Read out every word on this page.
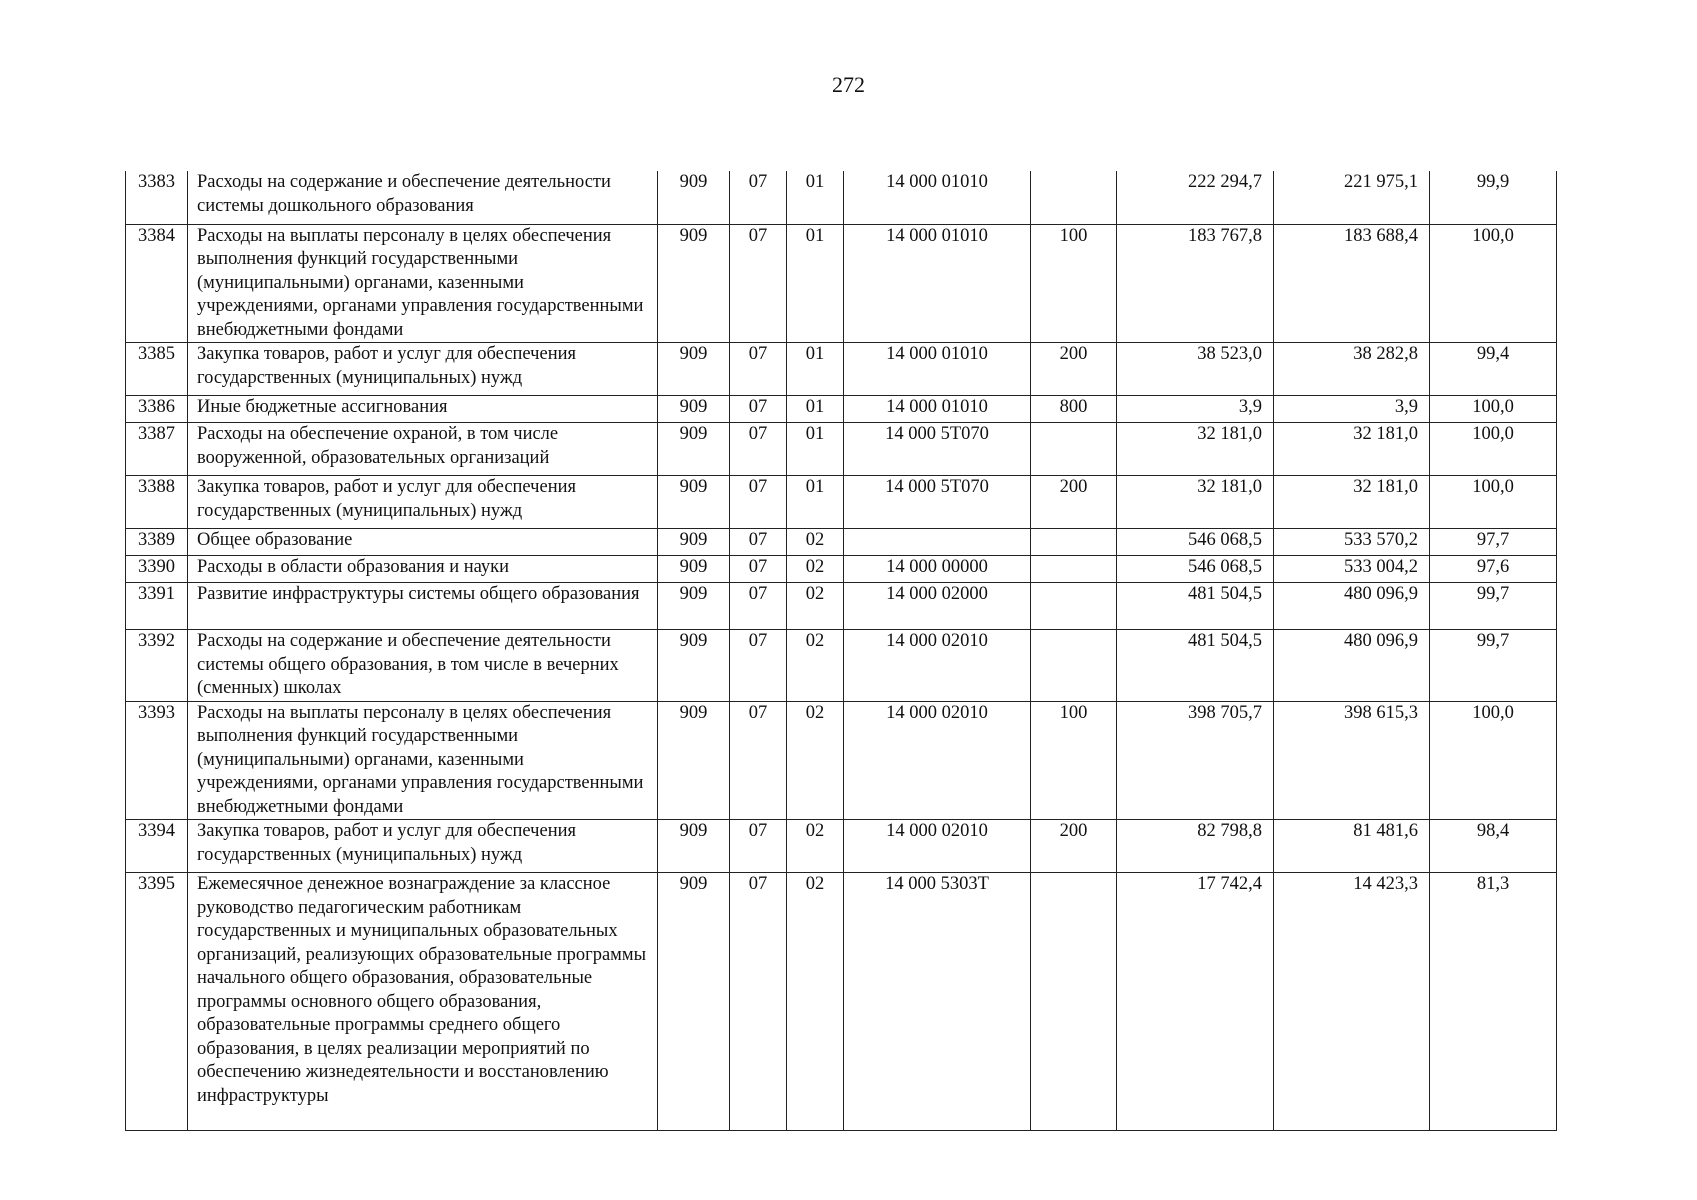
272
3383	Расходы на содержание и обеспечение деятельности системы дошкольного образования	909	07	01	14 000 01010		222 294,7	221 975,1	99,9
3384	Расходы на выплаты персоналу в целях обеспечения выполнения функций государственными (муниципальными) органами, казенными учреждениями, органами управления государственными внебюджетными фондами	909	07	01	14 000 01010	100	183 767,8	183 688,4	100,0
3385	Закупка товаров, работ и услуг для обеспечения государственных (муниципальных) нужд	909	07	01	14 000 01010	200	38 523,0	38 282,8	99,4
3386	Иные бюджетные ассигнования	909	07	01	14 000 01010	800	3,9	3,9	100,0
3387	Расходы на обеспечение охраной, в том числе вооруженной, образовательных организаций	909	07	01	14 000 5Т070		32 181,0	32 181,0	100,0
3388	Закупка товаров, работ и услуг для обеспечения государственных (муниципальных) нужд	909	07	01	14 000 5Т070	200	32 181,0	32 181,0	100,0
3389	Общее образование	909	07	02			546 068,5	533 570,2	97,7
3390	Расходы в области образования и науки	909	07	02	14 000 00000		546 068,5	533 004,2	97,6
3391	Развитие инфраструктуры системы общего образования	909	07	02	14 000 02000		481 504,5	480 096,9	99,7
3392	Расходы на содержание и обеспечение деятельности системы общего образования, в том числе в вечерних (сменных) школах	909	07	02	14 000 02010		481 504,5	480 096,9	99,7
3393	Расходы на выплаты персоналу в целях обеспечения выполнения функций государственными (муниципальными) органами, казенными учреждениями, органами управления государственными внебюджетными фондами	909	07	02	14 000 02010	100	398 705,7	398 615,3	100,0
3394	Закупка товаров, работ и услуг для обеспечения государственных (муниципальных) нужд	909	07	02	14 000 02010	200	82 798,8	81 481,6	98,4
3395	Ежемесячное денежное вознаграждение за классное руководство педагогическим работникам государственных и муниципальных образовательных организаций, реализующих образовательные программы начального общего образования, образовательные программы основного общего образования, образовательные программы среднего общего образования, в целях реализации мероприятий по обеспечению жизнедеятельности и восстановлению инфраструктуры	909	07	02	14 000 5303Т		17 742,4	14 423,3	81,3
